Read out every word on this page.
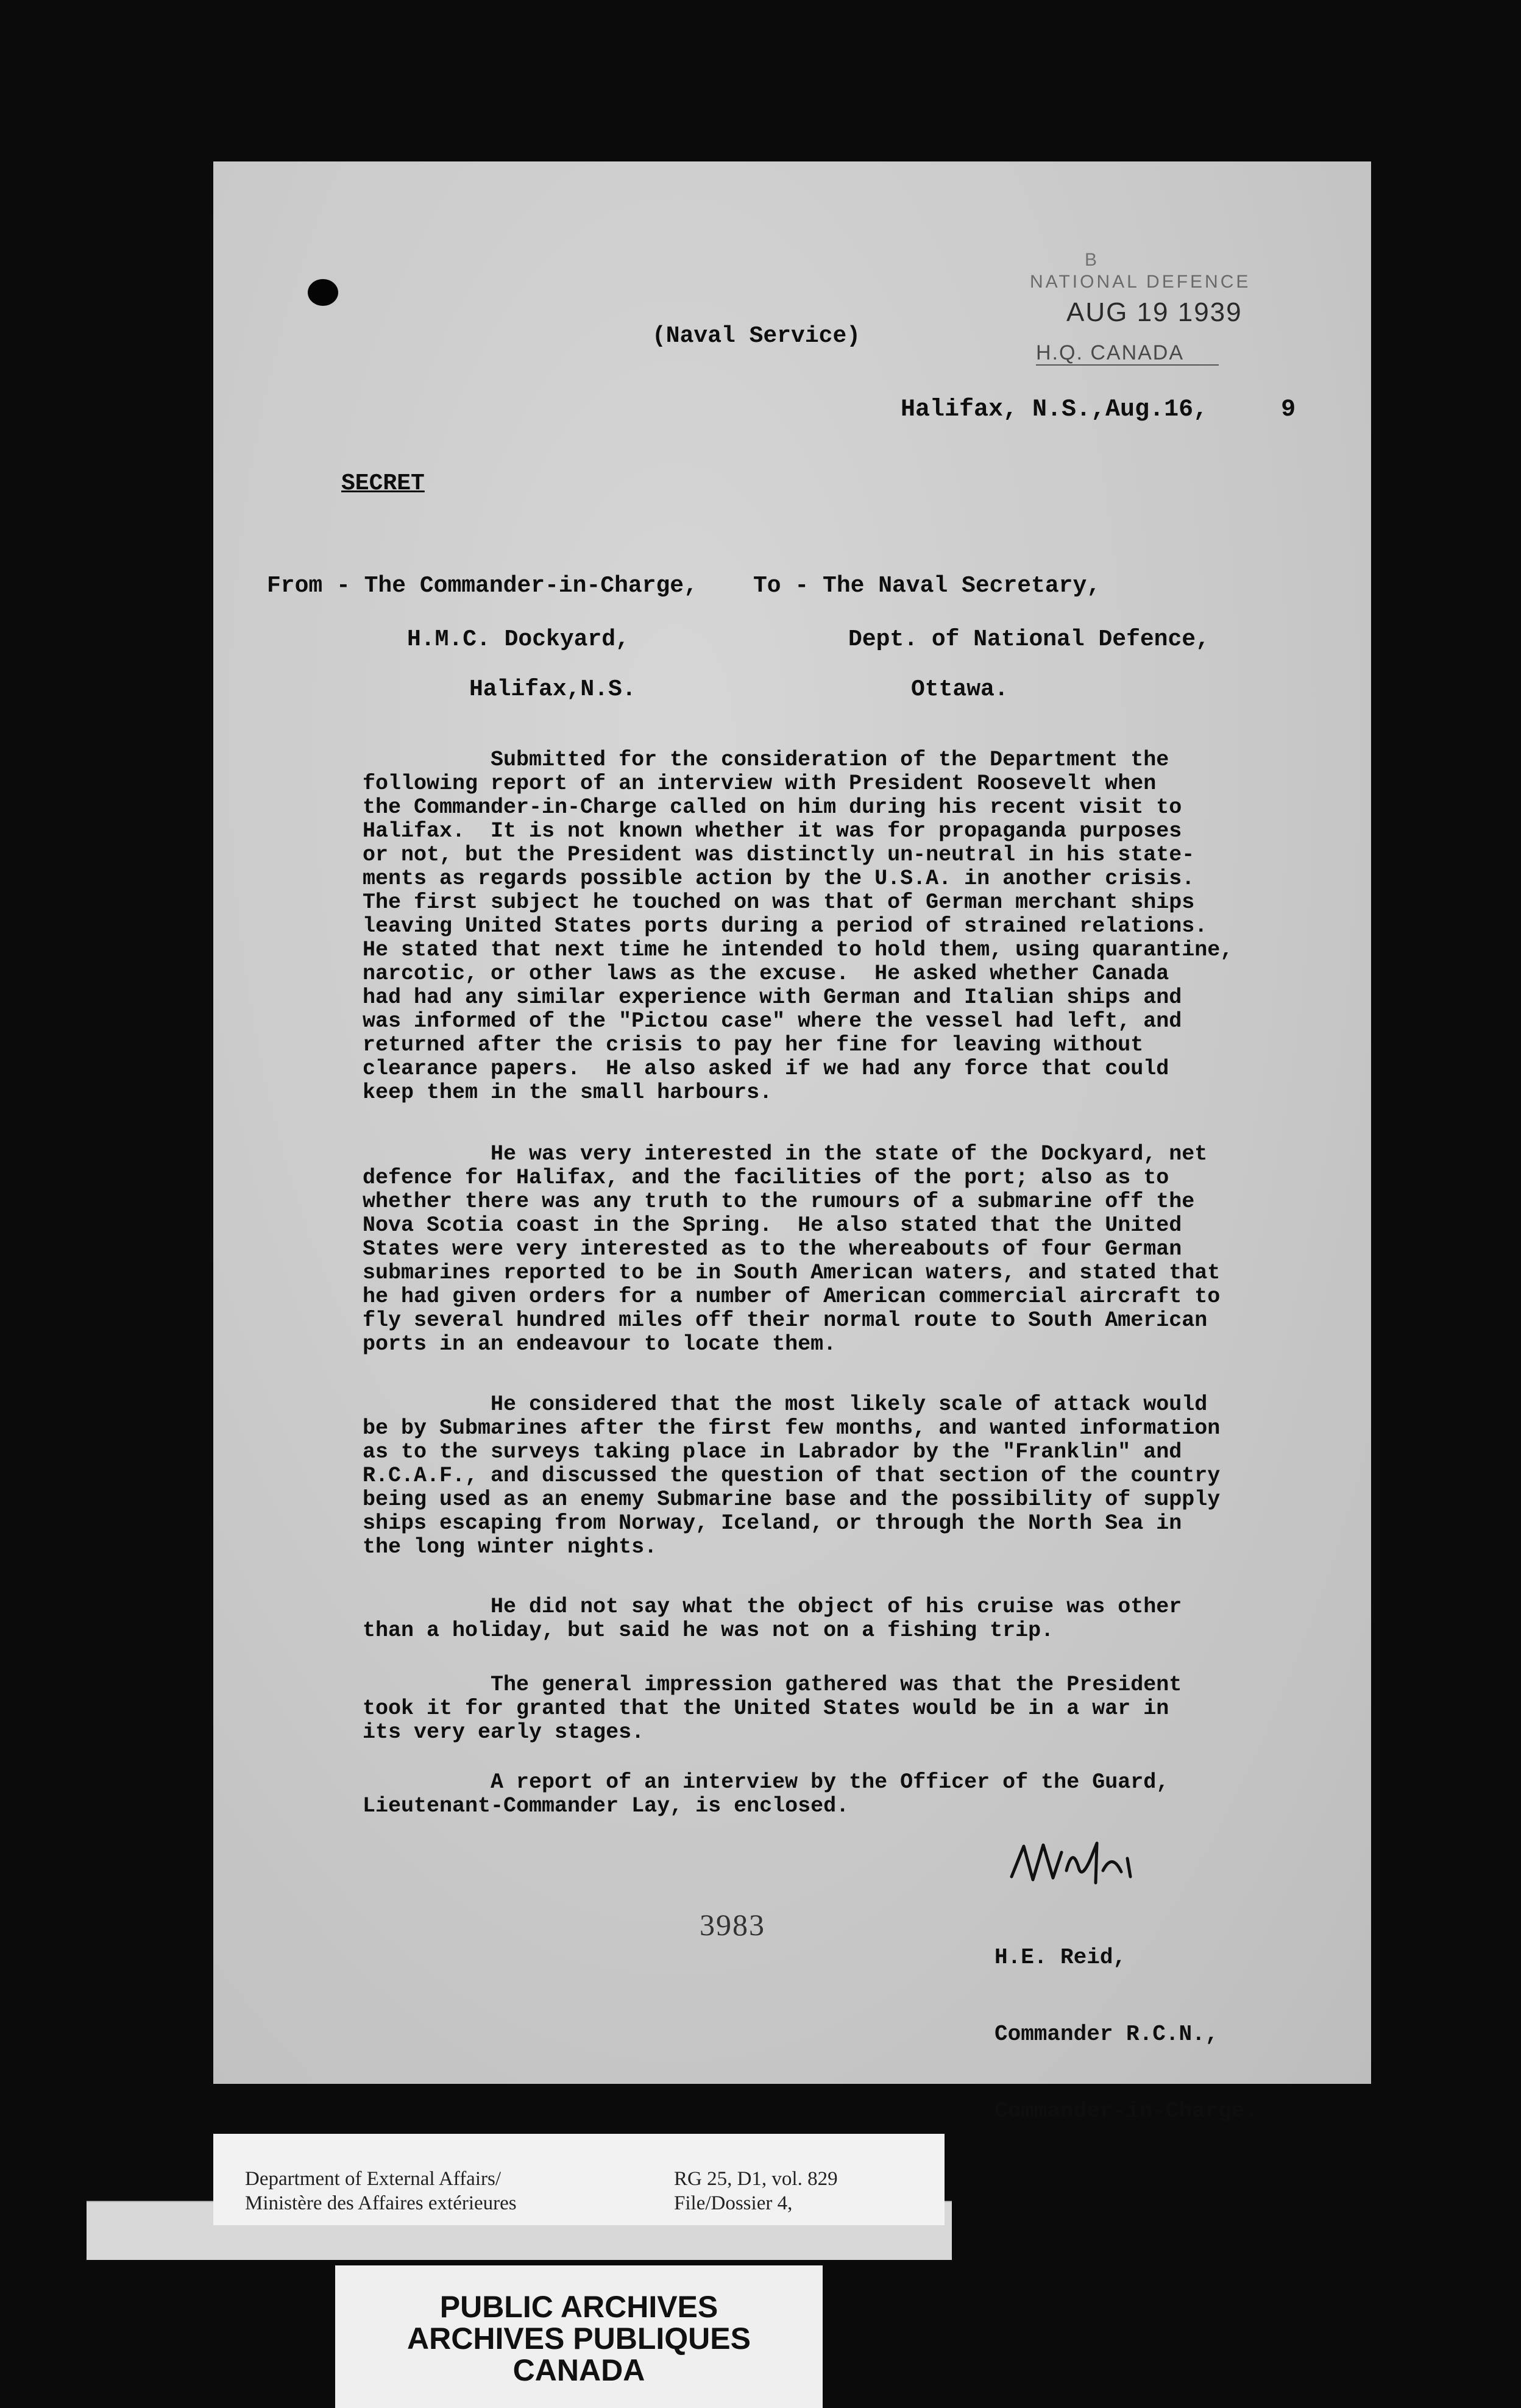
B
NATIONAL DEFENCE
AUG 19 1939
H.Q. CANADA
(Naval Service)
Halifax, N.S.,Aug.16,     9
SECRET
From - The Commander-in-Charge, To - The Naval Secretary,
H.M.C. Dockyard,	Dept. of National Defence,
Halifax,N.S.	Ottawa.
Submitted for the consideration of the Department the
following report of an interview with President Roosevelt when
the Commander-in-Charge called on him during his recent visit to
Halifax.  It is not known whether it was for propaganda purposes
or not, but the President was distinctly un-neutral in his state-
ments as regards possible action by the U.S.A. in another crisis.
The first subject he touched on was that of German merchant ships
leaving United States ports during a period of strained relations.
He stated that next time he intended to hold them, using quarantine,
narcotic, or other laws as the excuse.  He asked whether Canada
had had any similar experience with German and Italian ships and
was informed of the "Pictou case" where the vessel had left, and
returned after the crisis to pay her fine for leaving without
clearance papers.  He also asked if we had any force that could
keep them in the small harbours.
He was very interested in the state of the Dockyard, net
defence for Halifax, and the facilities of the port; also as to
whether there was any truth to the rumours of a submarine off the
Nova Scotia coast in the Spring.  He also stated that the United
States were very interested as to the whereabouts of four German
submarines reported to be in South American waters, and stated that
he had given orders for a number of American commercial aircraft to
fly several hundred miles off their normal route to South American
ports in an endeavour to locate them.
He considered that the most likely scale of attack would
be by Submarines after the first few months, and wanted information
as to the surveys taking place in Labrador by the "Franklin" and
R.C.A.F., and discussed the question of that section of the country
being used as an enemy Submarine base and the possibility of supply
ships escaping from Norway, Iceland, or through the North Sea in
the long winter nights.
He did not say what the object of his cruise was other
than a holiday, but said he was not on a fishing trip.
The general impression gathered was that the President
took it for granted that the United States would be in a war in
its very early stages.
A report of an interview by the Officer of the Guard,
Lieutenant-Commander Lay, is enclosed.
3983

H.E. Reid,

Commander R.C.N.,

Commander-in-Charge.

Department of External Affairs/
Ministère des Affaires extérieures
RG 25, D1, vol. 829
File/Dossier 4,
PUBLIC ARCHIVES
ARCHIVES PUBLIQUES
CANADA
